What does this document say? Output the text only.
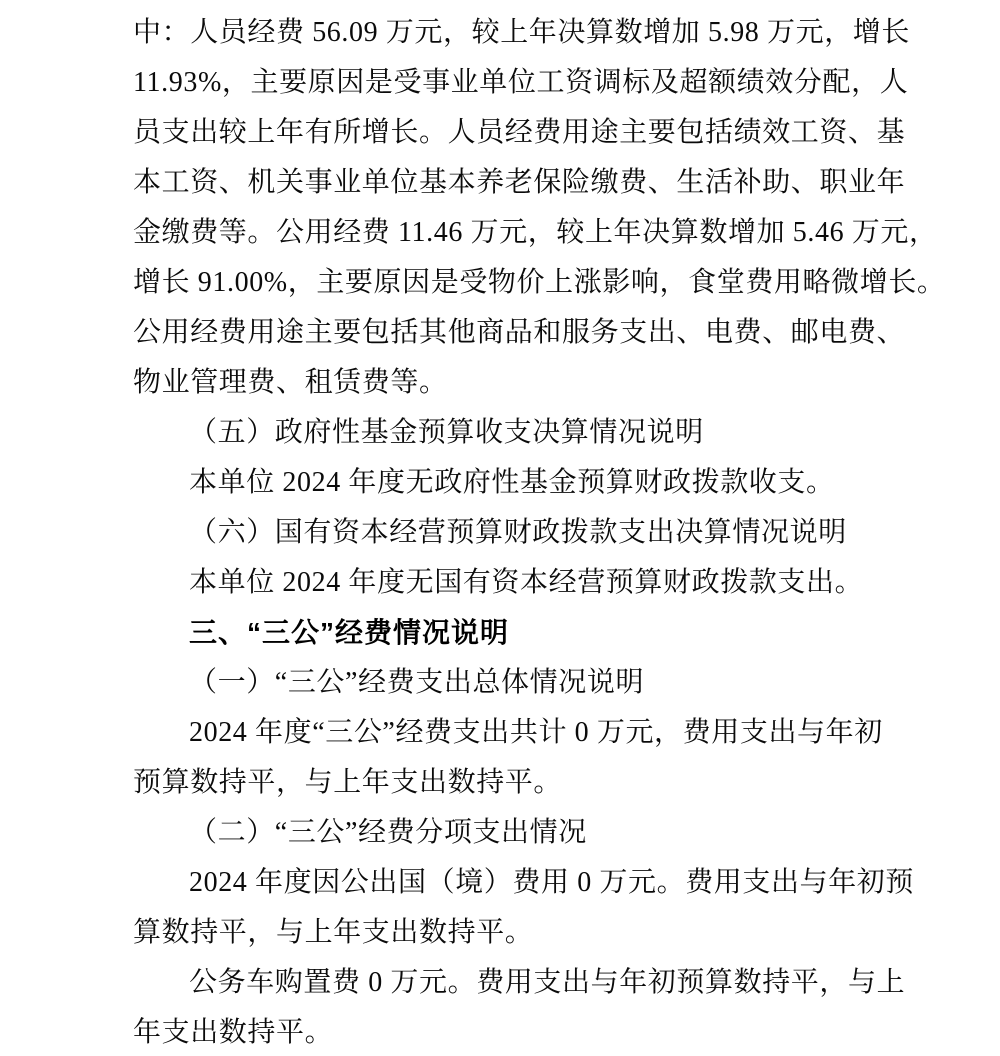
中：人员经费 56.09 万元，较上年决算数增加 5.98 万元，增长
11.93%，主要原因是受事业单位工资调标及超额绩效分配，人
员支出较上年有所增长。人员经费用途主要包括绩效工资、基
本工资、机关事业单位基本养老保险缴费、生活补助、职业年
金缴费等。公用经费 11.46 万元，较上年决算数增加 5.46 万元，
增长 91.00%，主要原因是受物价上涨影响，食堂费用略微增长。
公用经费用途主要包括其他商品和服务支出、电费、邮电费、
物业管理费、租赁费等。
（五）政府性基金预算收支决算情况说明
本单位 2024 年度无政府性基金预算财政拨款收支。
（六）国有资本经营预算财政拨款支出决算情况说明
本单位 2024 年度无国有资本经营预算财政拨款支出。
三、“三公”经费情况说明
（一）“三公”经费支出总体情况说明
2024 年度“三公”经费支出共计 0 万元，费用支出与年初
预算数持平，与上年支出数持平。
（二）“三公”经费分项支出情况
2024 年度因公出国（境）费用 0 万元。费用支出与年初预
算数持平，与上年支出数持平。
公务车购置费 0 万元。费用支出与年初预算数持平，与上
年支出数持平。
